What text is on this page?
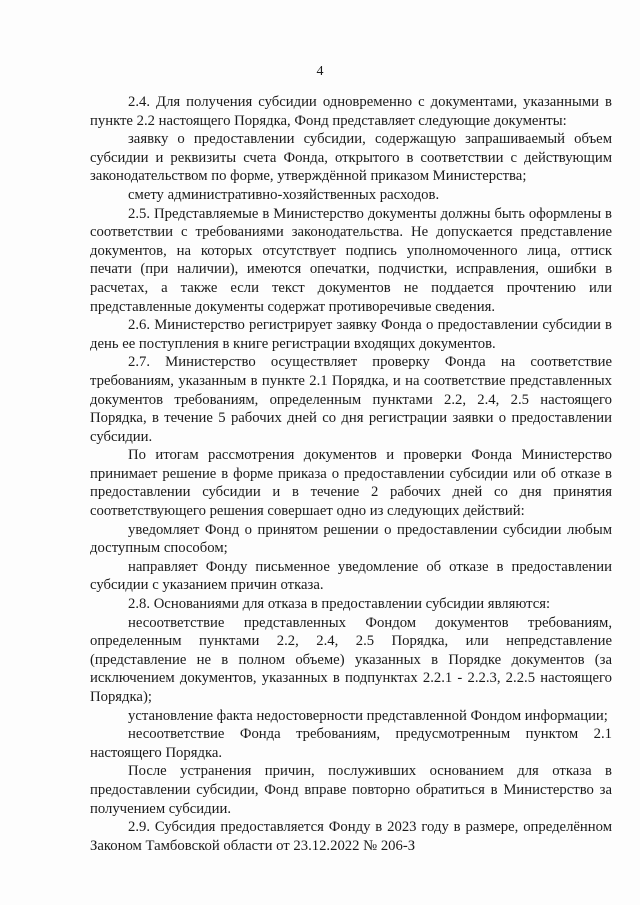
4

2.4. Для получения субсидии одновременно с документами, указанными в пункте 2.2 настоящего Порядка, Фонд представляет следующие документы:

заявку о предоставлении субсидии, содержащую запрашиваемый объем субсидии и реквизиты счета Фонда, открытого в соответствии с действующим законодательством по форме, утверждённой приказом Министерства;

смету административно-хозяйственных расходов.

2.5. Представляемые в Министерство документы должны быть оформлены в соответствии с требованиями законодательства. Не допускается представление документов, на которых отсутствует подпись уполномоченного лица, оттиск печати (при наличии), имеются опечатки, подчистки, исправления, ошибки в расчетах, а также если текст документов не поддается прочтению или представленные документы содержат противоречивые сведения.

2.6. Министерство регистрирует заявку Фонда о предоставлении субсидии в день ее поступления в книге регистрации входящих документов.

2.7. Министерство осуществляет проверку Фонда на соответствие требованиям, указанным в пункте 2.1 Порядка, и на соответствие представленных документов требованиям, определенным пунктами 2.2, 2.4, 2.5 настоящего Порядка, в течение 5 рабочих дней со дня регистрации заявки о предоставлении субсидии.

По итогам рассмотрения документов и проверки Фонда Министерство принимает решение в форме приказа о предоставлении субсидии или об отказе в предоставлении субсидии и в течение 2 рабочих дней со дня принятия соответствующего решения совершает одно из следующих действий:

уведомляет Фонд о принятом решении о предоставлении субсидии любым доступным способом;

направляет Фонду письменное уведомление об отказе в предоставлении субсидии с указанием причин отказа.

2.8. Основаниями для отказа в предоставлении субсидии являются:

несоответствие представленных Фондом документов требованиям, определенным пунктами 2.2, 2.4, 2.5 Порядка, или непредставление (представление не в полном объеме) указанных в Порядке документов (за исключением документов, указанных в подпунктах 2.2.1 - 2.2.3, 2.2.5 настоящего Порядка);

установление факта недостоверности представленной Фондом информации;

несоответствие Фонда требованиям, предусмотренным пунктом 2.1 настоящего Порядка.

После устранения причин, послуживших основанием для отказа в предоставлении субсидии, Фонд вправе повторно обратиться в Министерство за получением субсидии.

2.9. Субсидия предоставляется Фонду в 2023 году в размере, определённом Законом Тамбовской области от 23.12.2022 № 206-З
